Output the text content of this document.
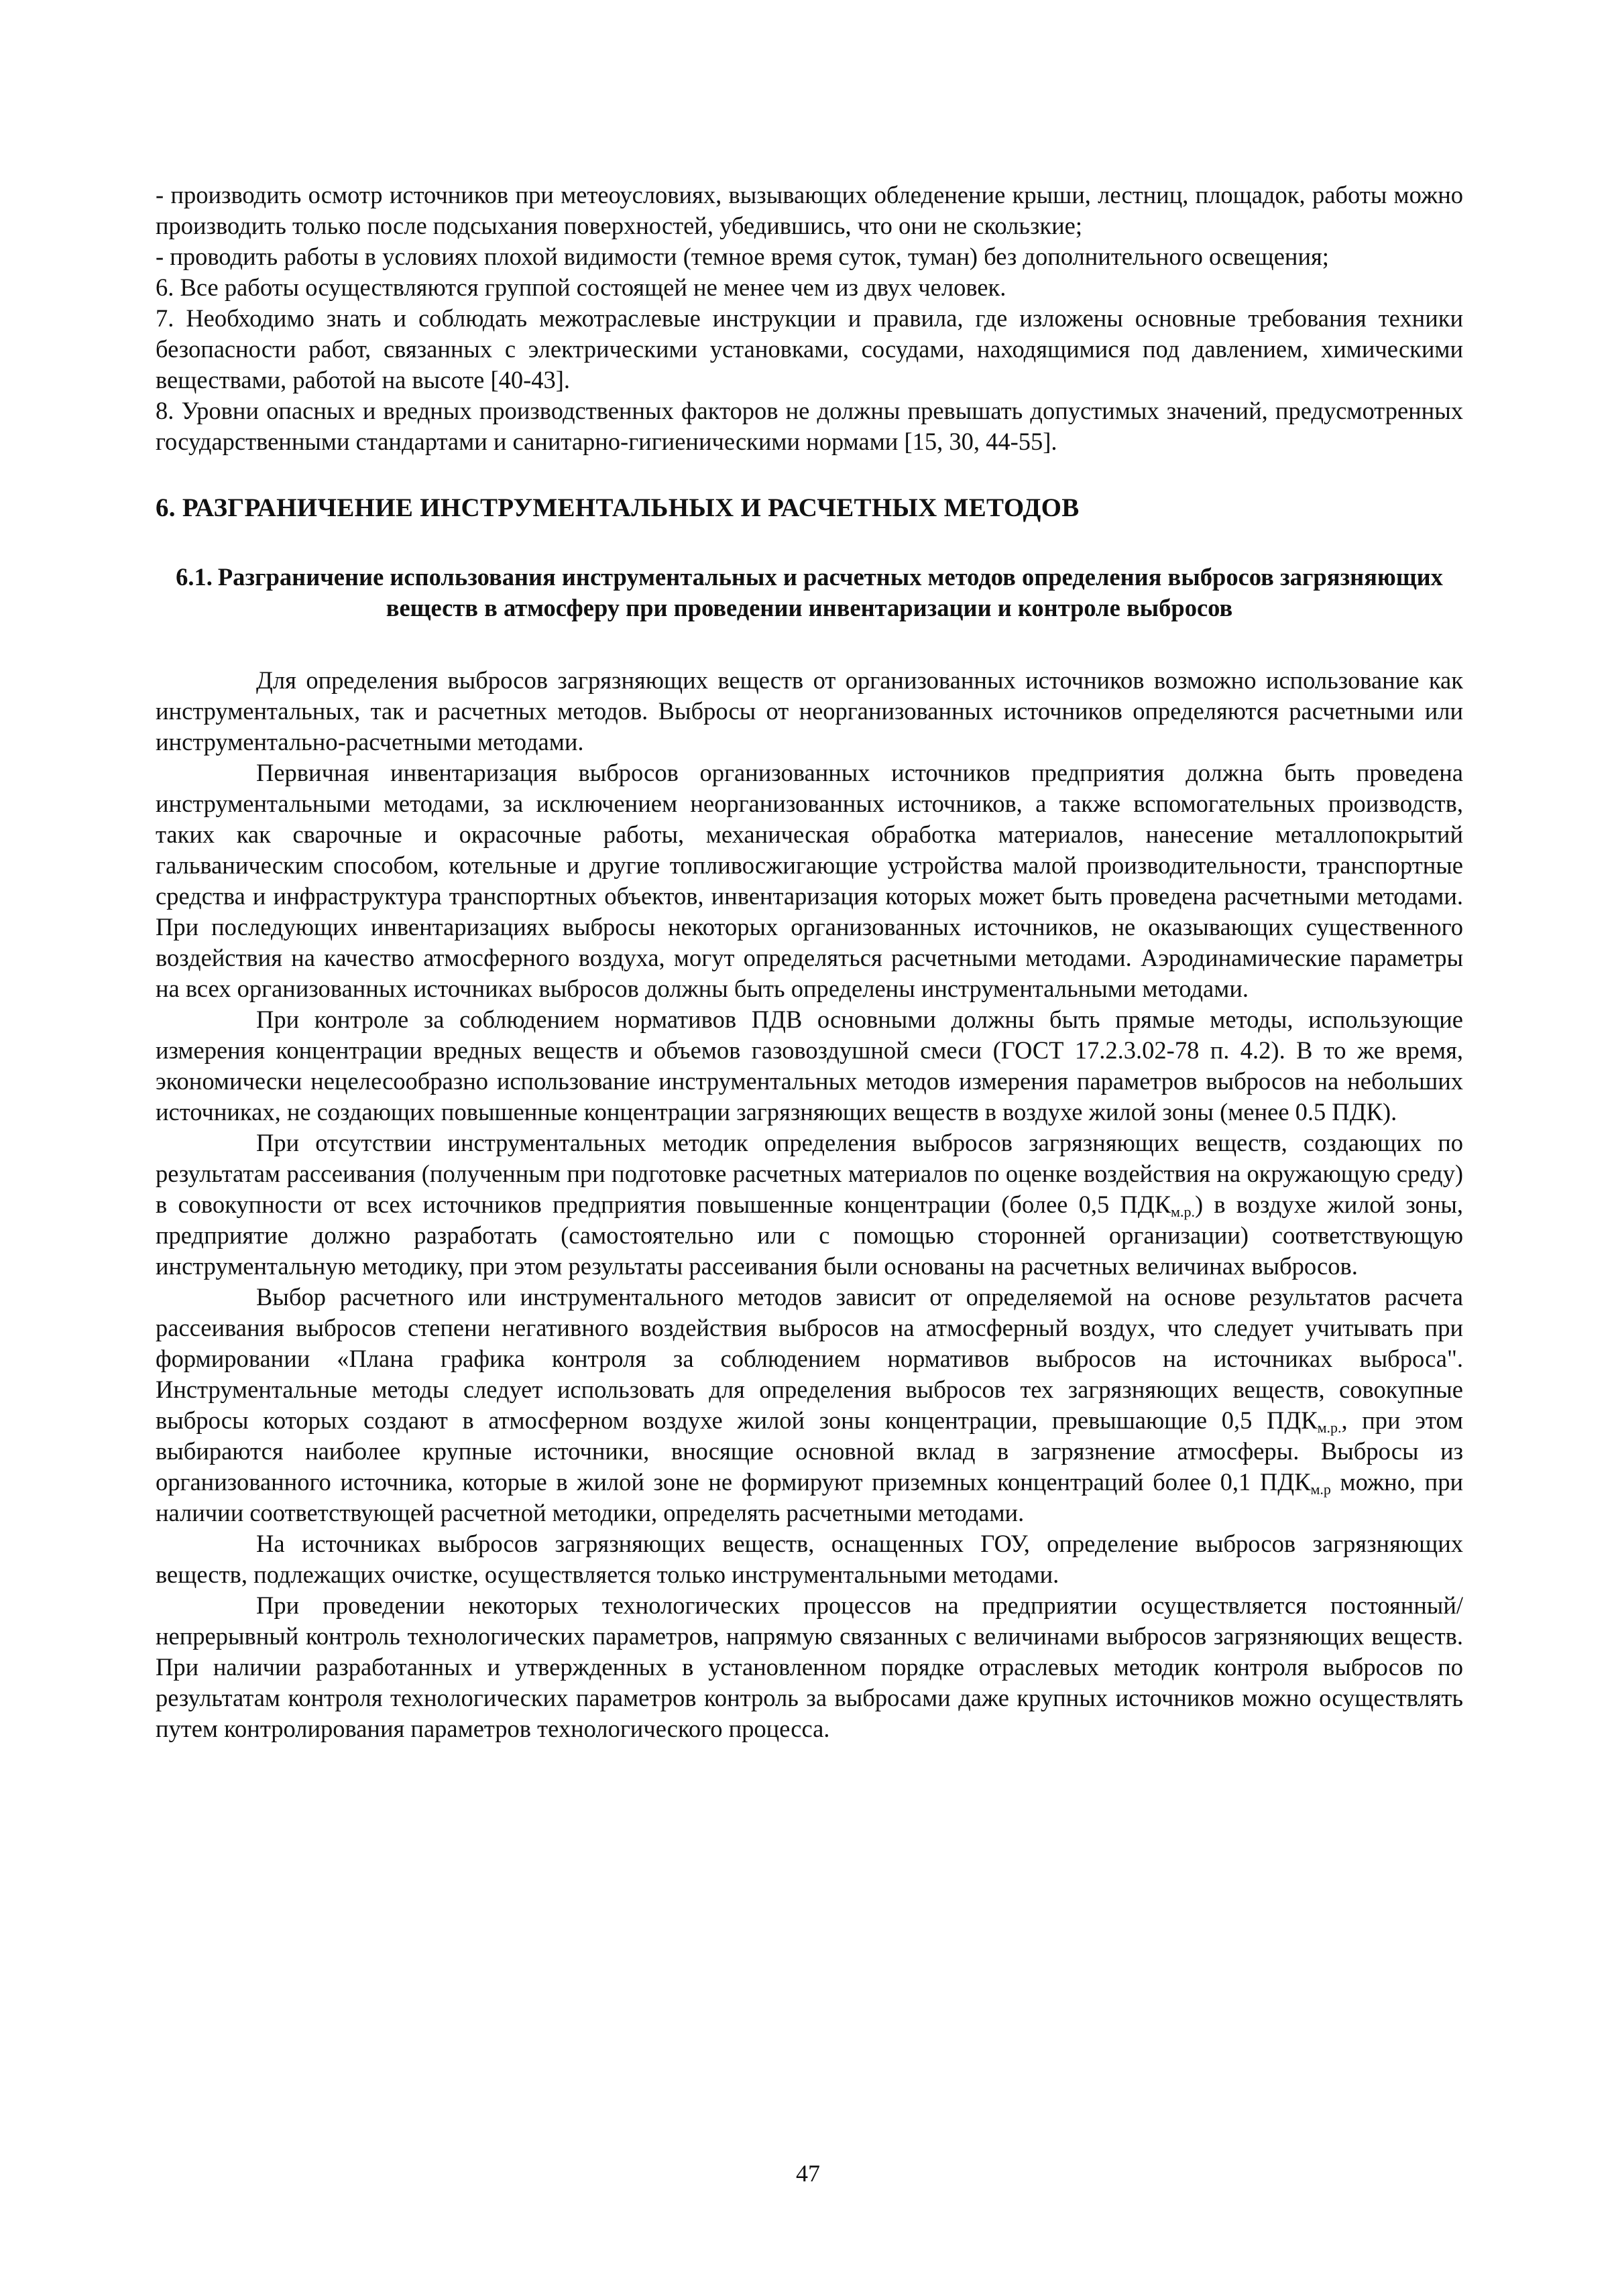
- производить осмотр источников при метеоусловиях, вызывающих обледенение крыши, лестниц, площадок, работы можно производить только после подсыхания поверхностей, убедившись, что они не скользкие;

- проводить работы в условиях плохой видимости (темное время суток, туман) без дополнительного освещения;

6. Все работы осуществляются группой состоящей не менее чем из двух человек.

7. Необходимо знать и соблюдать межотраслевые инструкции и правила, где изложены основные требования техники безопасности работ, связанных с электрическими установками, сосудами, находящимися под давлением, химическими веществами, работой на высоте [40-43].

8. Уровни опасных и вредных производственных факторов не должны превышать допустимых значений, предусмотренных государственными стандартами и санитарно-гигиеническими нормами [15, 30, 44-55].

6. РАЗГРАНИЧЕНИЕ ИНСТРУМЕНТАЛЬНЫХ И РАСЧЕТНЫХ МЕТОДОВ
6.1. Разграничение использования инструментальных и расчетных методов определения выбросов загрязняющих веществ в атмосферу при проведении инвентаризации и контроле выбросов

Для определения выбросов загрязняющих веществ от организованных источников возможно использование как инструментальных, так и расчетных методов. Выбросы от неорганизованных источников определяются расчетными или инструментально-расчетными методами.

Первичная инвентаризация выбросов организованных источников предприятия должна быть проведена инструментальными методами, за исключением неорганизованных источников, а также вспомогательных производств, таких как сварочные и окрасочные работы, механическая обработка материалов, нанесение металлопокрытий гальваническим способом, котельные и другие топливосжигающие устройства малой производительности, транспортные средства и инфраструктура транспортных объектов, инвентаризация которых может быть проведена расчетными методами. При последующих инвентаризациях выбросы некоторых организованных источников, не оказывающих существенного воздействия на качество атмосферного воздуха, могут определяться расчетными методами. Аэродинамические параметры на всех организованных источниках выбросов должны быть определены инструментальными методами.

При контроле за соблюдением нормативов ПДВ основными должны быть прямые методы, использующие измерения концентрации вредных веществ и объемов газовоздушной смеси (ГОСТ 17.2.3.02-78 п. 4.2). В то же время, экономически нецелесообразно использование инструментальных методов измерения параметров выбросов на небольших источниках, не создающих повышенные концентрации загрязняющих веществ в воздухе жилой зоны (менее 0.5 ПДК).

При отсутствии инструментальных методик определения выбросов загрязняющих веществ, создающих по результатам рассеивания (полученным при подготовке расчетных материалов по оценке воздействия на окружающую среду) в совокупности от всех источников предприятия повышенные концентрации (более 0,5 $ПДК_{м.р.}$) в воздухе жилой зоны, предприятие должно разработать (самостоятельно или с помощью сторонней организации) соответствующую инструментальную методику, при этом результаты рассеивания были основаны на расчетных величинах выбросов.

Выбор расчетного или инструментального методов зависит от определяемой на основе результатов расчета рассеивания выбросов степени негативного воздействия выбросов на атмосферный воздух, что следует учитывать при формировании «Плана графика контроля за соблюдением нормативов выбросов на источниках выброса". Инструментальные методы следует использовать для определения выбросов тех загрязняющих веществ, совокупные выбросы которых создают в атмосферном воздухе жилой зоны концентрации, превышающие 0,5 $ПДК_{м.р.}$, при этом выбираются наиболее крупные источники, вносящие основной вклад в загрязнение атмосферы. Выбросы из организованного источника, которые в жилой зоне не формируют приземных концентраций более 0,1 $ПДК_{м.р}$ можно, при наличии соответствующей расчетной методики, определять расчетными методами.

На источниках выбросов загрязняющих веществ, оснащенных ГОУ, определение выбросов загрязняющих веществ, подлежащих очистке, осуществляется только инструментальными методами.

При проведении некоторых технологических процессов на предприятии осуществляется постоянный/непрерывный контроль технологических параметров, напрямую связанных с величинами выбросов загрязняющих веществ. При наличии разработанных и утвержденных в установленном порядке отраслевых методик контроля выбросов по результатам контроля технологических параметров контроль за выбросами даже крупных источников можно осуществлять путем контролирования параметров технологического процесса.

47
